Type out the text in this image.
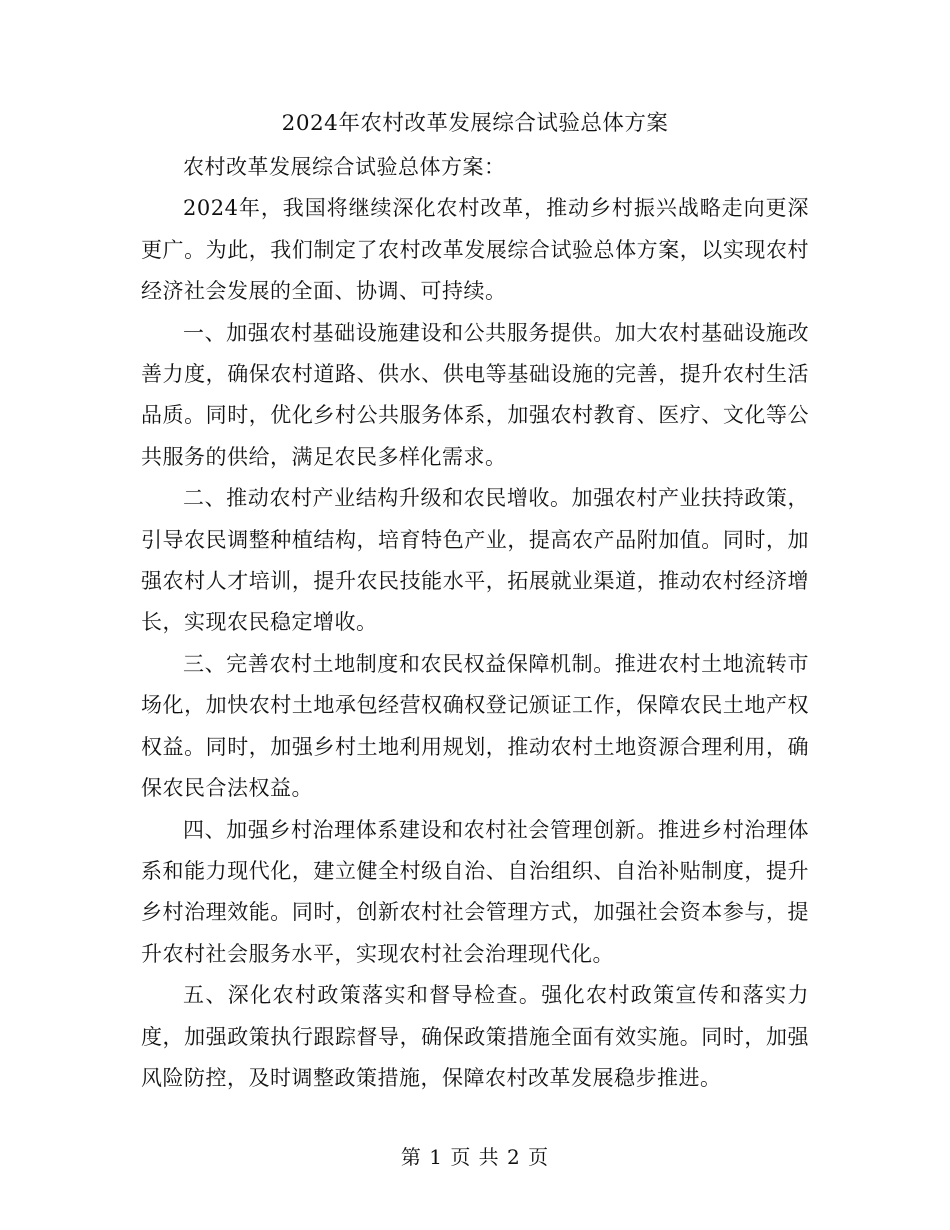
2024年农村改革发展综合试验总体方案

农村改革发展综合试验总体方案：

2024年，我国将继续深化农村改革，推动乡村振兴战略走向更深更广。为此，我们制定了农村改革发展综合试验总体方案，以实现农村经济社会发展的全面、协调、可持续。

一、加强农村基础设施建设和公共服务提供。加大农村基础设施改善力度，确保农村道路、供水、供电等基础设施的完善，提升农村生活品质。同时，优化乡村公共服务体系，加强农村教育、医疗、文化等公共服务的供给，满足农民多样化需求。

二、推动农村产业结构升级和农民增收。加强农村产业扶持政策，引导农民调整种植结构，培育特色产业，提高农产品附加值。同时，加强农村人才培训，提升农民技能水平，拓展就业渠道，推动农村经济增长，实现农民稳定增收。

三、完善农村土地制度和农民权益保障机制。推进农村土地流转市场化，加快农村土地承包经营权确权登记颁证工作，保障农民土地产权权益。同时，加强乡村土地利用规划，推动农村土地资源合理利用，确保农民合法权益。

四、加强乡村治理体系建设和农村社会管理创新。推进乡村治理体系和能力现代化，建立健全村级自治、自治组织、自治补贴制度，提升乡村治理效能。同时，创新农村社会管理方式，加强社会资本参与，提升农村社会服务水平，实现农村社会治理现代化。

五、深化农村政策落实和督导检查。强化农村政策宣传和落实力度，加强政策执行跟踪督导，确保政策措施全面有效实施。同时，加强风险防控，及时调整政策措施，保障农村改革发展稳步推进。

第 1 页 共 2 页
